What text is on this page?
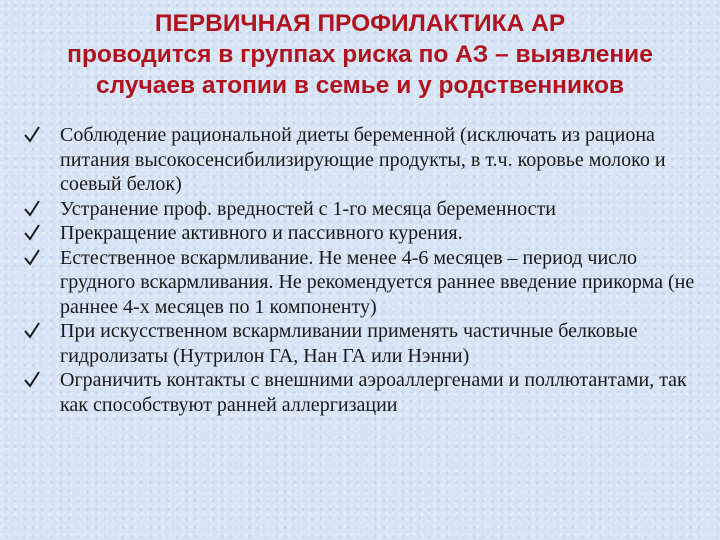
ПЕРВИЧНАЯ ПРОФИЛАКТИКА АР
проводится в группах риска по АЗ – выявление
случаев атопии в семье и у родственников
Соблюдение рациональной диеты беременной (исключать из рациона питания высокосенсибилизирующие продукты, в т.ч. коровье молоко и соевый белок)
Устранение проф. вредностей с 1-го месяца беременности
Прекращение активного и пассивного курения.
Естественное вскармливание. Не менее 4-6 месяцев – период число грудного вскармливания. Не рекомендуется раннее введение прикорма (не раннее 4-х месяцев по 1 компоненту)
При искусственном вскармливании применять частичные белковые гидролизаты (Нутрилон ГА, Нан ГА или Нэнни)
Ограничить контакты с внешними аэроаллергенами и поллютантами, так как способствуют ранней аллергизации
